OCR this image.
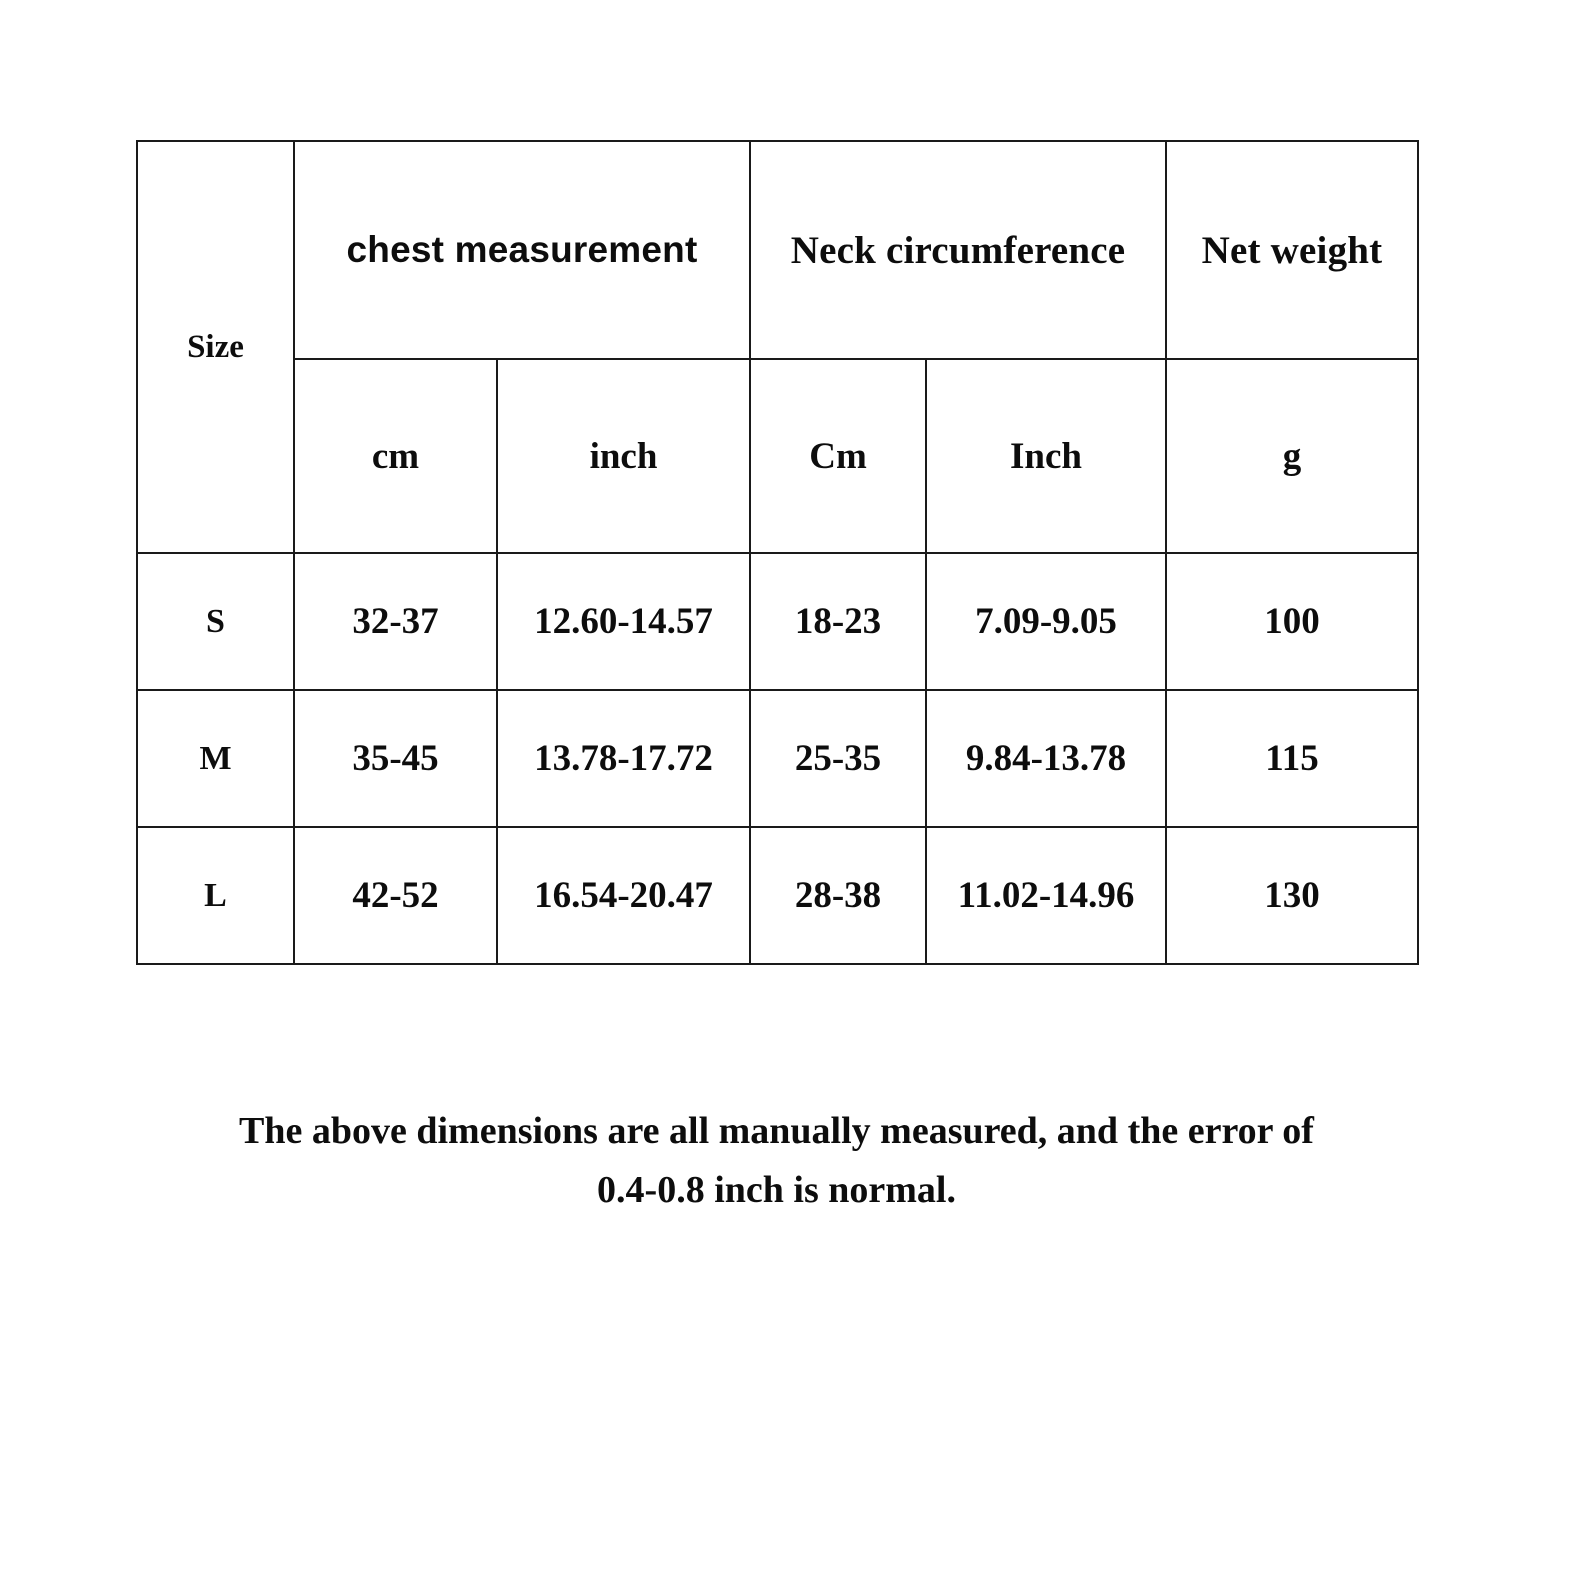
Size	chest measurement		Neck circumference		Net weight
	cm	inch	Cm	Inch	g
S	32-37	12.60-14.57	18-23	7.09-9.05	100
M	35-45	13.78-17.72	25-35	9.84-13.78	115
L	42-52	16.54-20.47	28-38	11.02-14.96	130
The above dimensions are all manually measured, and the error of
0.4-0.8 inch is normal.
